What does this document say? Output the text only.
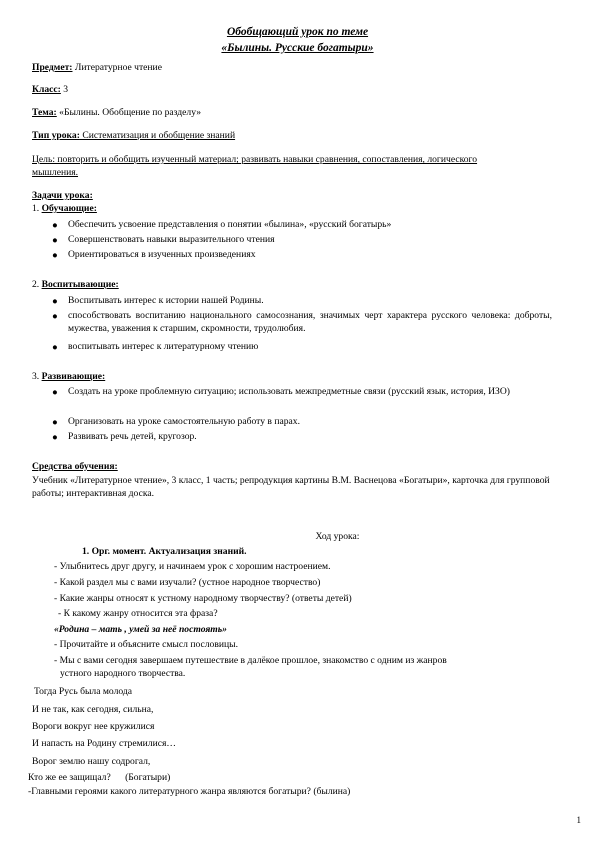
Обобщающий урок по теме
«Былины. Русские богатыри»
Предмет: Литературное чтение
Класс: 3
Тема: «Былины. Обобщение по разделу»
Тип урока: Систематизация и обобщение знаний
Цель: повторить и обобщить изученный материал; развивать навыки сравнения, сопоставления, логического
мышления.
Задачи урока:
1. Обучающие:
● Обеспечить усвоение представления о понятии «былина», «русский богатырь»
● Совершенствовать навыки выразительного чтения
● Ориентироваться в изученных произведениях
2. Воспитывающие:
● Воспитывать интерес к истории нашей Родины.
● способствовать воспитанию национального самосознания, значимых черт характера русского человека: доброты, мужества, уважения к старшим, скромности, трудолюбия.
● воспитывать интерес к литературному чтению
3. Развивающие:
● Создать на уроке проблемную ситуацию; использовать межпредметные связи (русский язык, история, ИЗО)
● Организовать на уроке самостоятельную работу в парах.
● Развивать речь детей, кругозор.
Средства обучения:
Учебник «Литературное чтение», 3 класс, 1 часть; репродукция картины В.М. Васнецова «Богатыри», карточка для групповой работы; интерактивная доска.
Ход урока:
1. Орг. момент. Актуализация знаний.
- Улыбнитесь друг другу, и начинаем урок с хорошим настроением.
- Какой раздел мы с вами изучали? (устное народное творчество)
- Какие жанры относят к устному народному творчеству? (ответы детей)
- К какому жанру относится эта фраза?
«Родина – мать , умей за неё постоять»
- Прочитайте и объясните смысл пословицы.
- Мы с вами сегодня завершаем путешествие в далёкое прошлое, знакомство с одним из жанров
устного народного творчества.
Тогда Русь была молода
И не так, как сегодня, сильна,
Вороги вокруг нее кружилися
И напасть на Родину стремилися…
Ворог землю нашу содрогал,
Кто же ее защищал?      (Богатыри)
-Главными героями какого литературного жанра являются богатыри? (былина)
1
